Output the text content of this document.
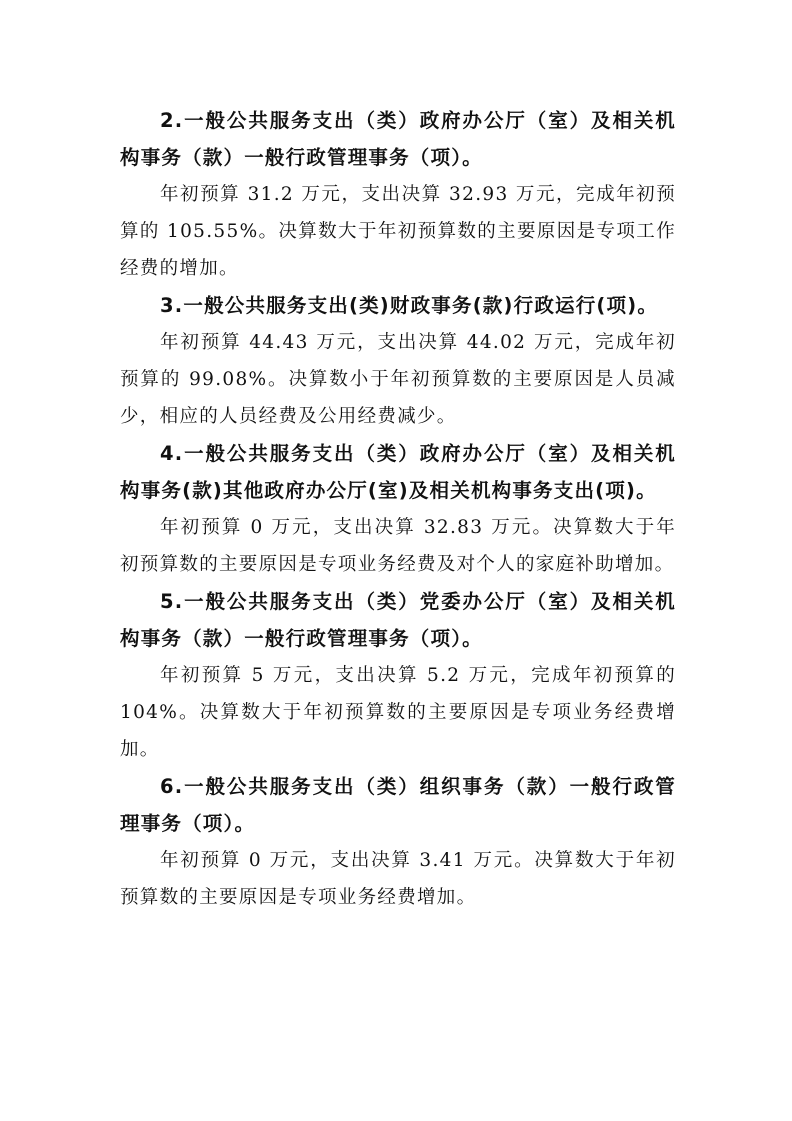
2.一般公共服务支出（类）政府办公厅（室）及相关机构事务（款）一般行政管理事务（项）。

年初预算 31.2 万元，支出决算 32.93 万元，完成年初预算的 105.55%。决算数大于年初预算数的主要原因是专项工作经费的增加。

3.一般公共服务支出(类)财政事务(款)行政运行(项)。

年初预算 44.43 万元，支出决算 44.02 万元，完成年初预算的 99.08%。决算数小于年初预算数的主要原因是人员减少，相应的人员经费及公用经费减少。

4.一般公共服务支出（类）政府办公厅（室）及相关机构事务(款)其他政府办公厅(室)及相关机构事务支出(项)。

年初预算 0 万元，支出决算 32.83 万元。决算数大于年初预算数的主要原因是专项业务经费及对个人的家庭补助增加。

5.一般公共服务支出（类）党委办公厅（室）及相关机构事务（款）一般行政管理事务（项）。

年初预算 5 万元，支出决算 5.2 万元，完成年初预算的 104%。决算数大于年初预算数的主要原因是专项业务经费增加。

6.一般公共服务支出（类）组织事务（款）一般行政管理事务（项）。

年初预算 0 万元，支出决算 3.41 万元。决算数大于年初预算数的主要原因是专项业务经费增加。
